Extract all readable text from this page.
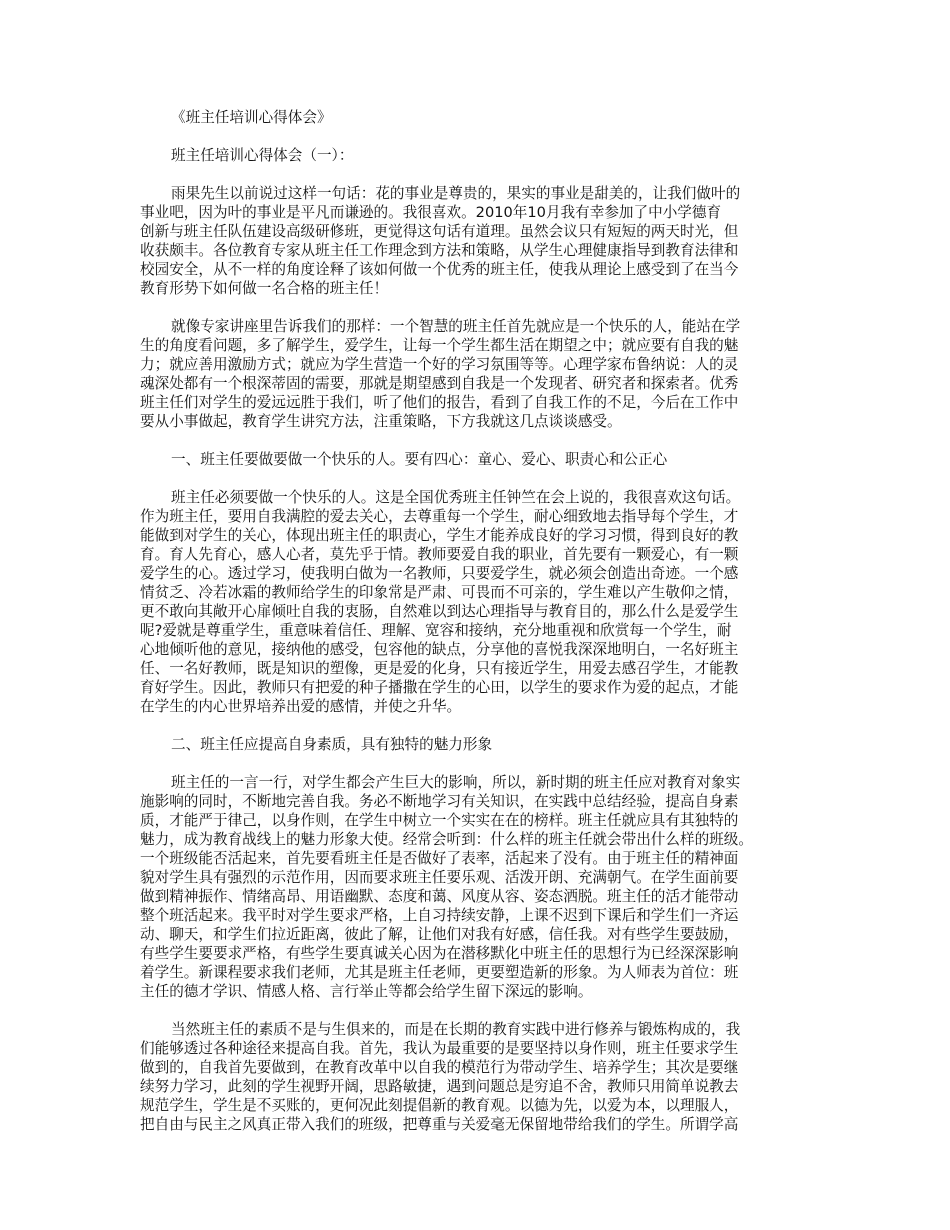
《班主任培训心得体会》
班主任培训心得体会（一）：
雨果先生以前说过这样一句话：花的事业是尊贵的，果实的事业是甜美的，让我们做叶的
事业吧，因为叶的事业是平凡而谦逊的。我很喜欢。2010年10月我有幸参加了中小学德育
创新与班主任队伍建设高级研修班，更觉得这句话有道理。虽然会议只有短短的两天时光，但
收获颇丰。各位教育专家从班主任工作理念到方法和策略，从学生心理健康指导到教育法律和
校园安全，从不一样的角度诠释了该如何做一个优秀的班主任，使我从理论上感受到了在当今
教育形势下如何做一名合格的班主任！
就像专家讲座里告诉我们的那样：一个智慧的班主任首先就应是一个快乐的人，能站在学
生的角度看问题，多了解学生，爱学生，让每一个学生都生活在期望之中；就应要有自我的魅
力；就应善用激励方式；就应为学生营造一个好的学习氛围等等。心理学家布鲁纳说：人的灵
魂深处都有一个根深蒂固的需要，那就是期望感到自我是一个发现者、研究者和探索者。优秀
班主任们对学生的爱远远胜于我们，听了他们的报告，看到了自我工作的不足，今后在工作中
要从小事做起，教育学生讲究方法，注重策略，下方我就这几点谈谈感受。
一、班主任要做要做一个快乐的人。要有四心：童心、爱心、职责心和公正心
班主任必须要做一个快乐的人。这是全国优秀班主任钟竺在会上说的，我很喜欢这句话。
作为班主任，要用自我满腔的爱去关心，去尊重每一个学生，耐心细致地去指导每个学生，才
能做到对学生的关心，体现出班主任的职责心，学生才能养成良好的学习习惯，得到良好的教
育。育人先育心，感人心者，莫先乎于情。教师要爱自我的职业，首先要有一颗爱心，有一颗
爱学生的心。透过学习，使我明白做为一名教师，只要爱学生，就必须会创造出奇迹。一个感
情贫乏、冷若冰霜的教师给学生的印象常是严肃、可畏而不可亲的，学生难以产生敬仰之情，
更不敢向其敞开心扉倾吐自我的衷肠，自然难以到达心理指导与教育目的，那么什么是爱学生
呢?爱就是尊重学生，重意味着信任、理解、宽容和接纳，充分地重视和欣赏每一个学生，耐
心地倾听他的意见，接纳他的感受，包容他的缺点，分享他的喜悦我深深地明白，一名好班主
任、一名好教师，既是知识的塑像，更是爱的化身，只有接近学生，用爱去感召学生，才能教
育好学生。因此，教师只有把爱的种子播撒在学生的心田，以学生的要求作为爱的起点，才能
在学生的内心世界培养出爱的感情，并使之升华。
二、班主任应提高自身素质，具有独特的魅力形象
班主任的一言一行，对学生都会产生巨大的影响，所以，新时期的班主任应对教育对象实
施影响的同时，不断地完善自我。务必不断地学习有关知识，在实践中总结经验，提高自身素
质，才能严于律己，以身作则，在学生中树立一个实实在在的榜样。班主任就应具有其独特的
魅力，成为教育战线上的魅力形象大使。经常会听到：什么样的班主任就会带出什么样的班级。
一个班级能否活起来，首先要看班主任是否做好了表率，活起来了没有。由于班主任的精神面
貌对学生具有强烈的示范作用，因而要求班主任要乐观、活泼开朗、充满朝气。在学生面前要
做到精神振作、情绪高昂、用语幽默、态度和蔼、风度从容、姿态洒脱。班主任的活才能带动
整个班活起来。我平时对学生要求严格，上自习持续安静，上课不迟到下课后和学生们一齐运
动、聊天，和学生们拉近距离，彼此了解，让他们对我有好感，信任我。对有些学生要鼓励，
有些学生要要求严格，有些学生要真诚关心因为在潜移默化中班主任的思想行为已经深深影响
着学生。新课程要求我们老师，尤其是班主任老师，更要塑造新的形象。为人师表为首位：班
主任的德才学识、情感人格、言行举止等都会给学生留下深远的影响。
当然班主任的素质不是与生俱来的，而是在长期的教育实践中进行修养与锻炼构成的，我
们能够透过各种途径来提高自我。首先，我认为最重要的是要坚持以身作则，班主任要求学生
做到的，自我首先要做到，在教育改革中以自我的模范行为带动学生、培养学生；其次是要继
续努力学习，此刻的学生视野开阔，思路敏捷，遇到问题总是穷追不舍，教师只用简单说教去
规范学生，学生是不买账的，更何况此刻提倡新的教育观。以德为先，以爱为本，以理服人，
把自由与民主之风真正带入我们的班级，把尊重与关爱毫无保留地带给我们的学生。所谓学高
